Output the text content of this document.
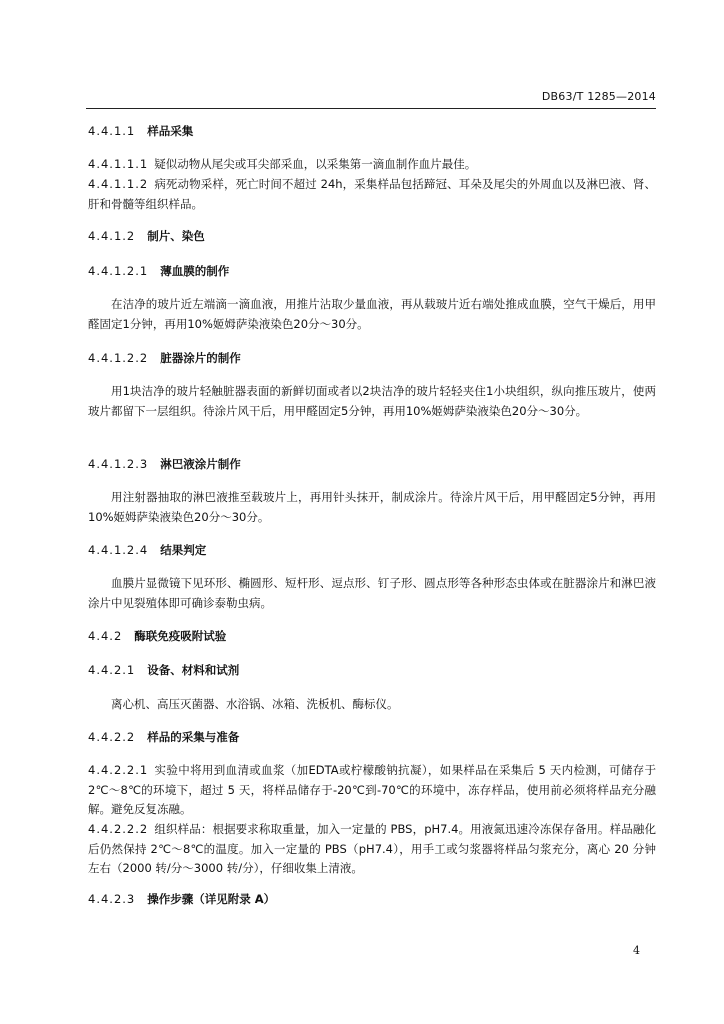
DB63/T 1285—2014
4.4.1.1 样品采集
4.4.1.1.1 疑似动物从尾尖或耳尖部采血，以采集第一滴血制作血片最佳。
4.4.1.1.2 病死动物采样，死亡时间不超过 24h，采集样品包括蹄冠、耳朵及尾尖的外周血以及淋巴液、肾、肝和骨髓等组织样品。
4.4.1.2 制片、染色
4.4.1.2.1 薄血膜的制作
在洁净的玻片近左端滴一滴血液，用推片沾取少量血液，再从载玻片近右端处推成血膜，空气干燥后，用甲醛固定1分钟，再用10%姬姆萨染液染色20分～30分。
4.4.1.2.2 脏器涂片的制作
用1块洁净的玻片轻触脏器表面的新鲜切面或者以2块洁净的玻片轻轻夹住1小块组织，纵向推压玻片，使两玻片都留下一层组织。待涂片风干后，用甲醛固定5分钟，再用10%姬姆萨染液染色20分～30分。
4.4.1.2.3 淋巴液涂片制作
用注射器抽取的淋巴液推至载玻片上，再用针头抹开，制成涂片。待涂片风干后，用甲醛固定5分钟，再用10%姬姆萨染液染色20分～30分。
4.4.1.2.4 结果判定
血膜片显微镜下见环形、椭圆形、短杆形、逗点形、钉子形、圆点形等各种形态虫体或在脏器涂片和淋巴液涂片中见裂殖体即可确诊泰勒虫病。
4.4.2 酶联免疫吸附试验
4.4.2.1 设备、材料和试剂
离心机、高压灭菌器、水浴锅、冰箱、洗板机、酶标仪。
4.4.2.2 样品的采集与准备
4.4.2.2.1 实验中将用到血清或血浆（加EDTA或柠檬酸钠抗凝），如果样品在采集后 5 天内检测，可储存于 2℃～8℃的环境下，超过 5 天，将样品储存于-20℃到-70℃的环境中，冻存样品，使用前必须将样品充分融解。避免反复冻融。
4.4.2.2.2 组织样品：根据要求称取重量，加入一定量的 PBS，pH7.4。用液氮迅速冷冻保存备用。样品融化后仍然保持 2℃～8℃的温度。加入一定量的 PBS（pH7.4），用手工或匀浆器将样品匀浆充分，离心 20 分钟左右（2000 转/分～3000 转/分），仔细收集上清液。
4.4.2.3 操作步骤（详见附录 A）
4
